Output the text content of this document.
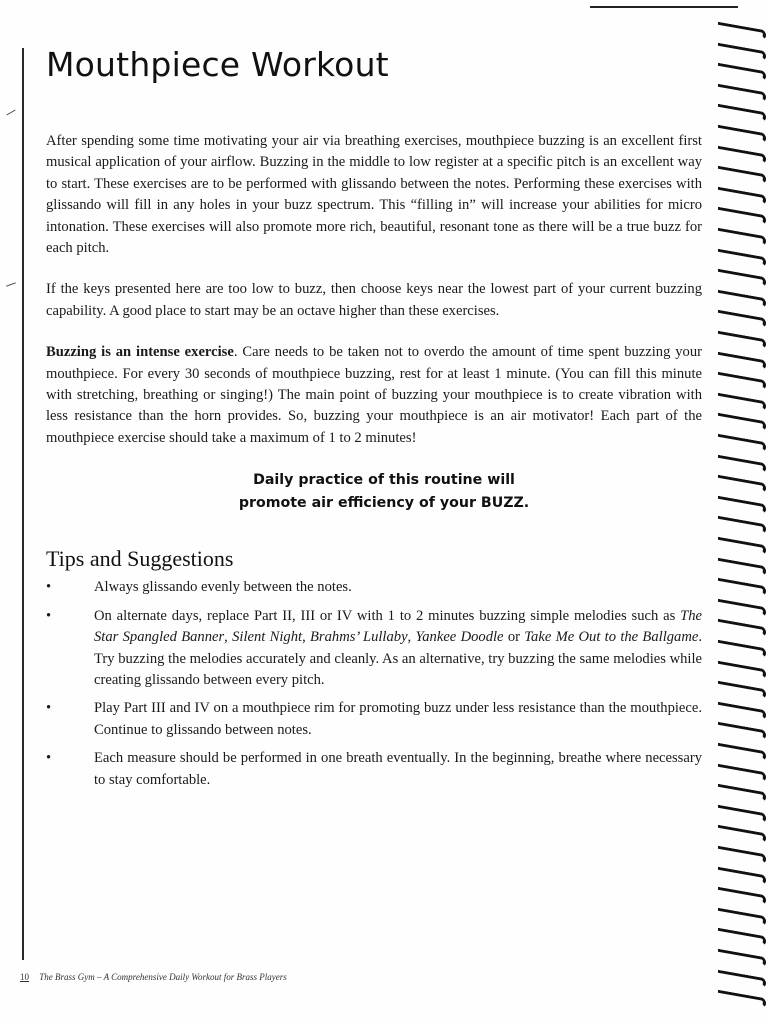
Mouthpiece Workout

After spending some time motivating your air via breathing exercises, mouthpiece buzzing is an excellent first musical application of your airflow. Buzzing in the middle to low register at a specific pitch is an excellent way to start. These exercises are to be performed with glissando between the notes. Performing these exercises with glissando will fill in any holes in your buzz spectrum. This “filling in” will increase your abilities for micro intonation. These exercises will also promote more rich, beautiful, resonant tone as there will be a true buzz for each pitch.

If the keys presented here are too low to buzz, then choose keys near the lowest part of your current buzzing capability. A good place to start may be an octave higher than these exercises.

Buzzing is an intense exercise. Care needs to be taken not to overdo the amount of time spent buzzing your mouthpiece. For every 30 seconds of mouthpiece buzzing, rest for at least 1 minute. (You can fill this minute with stretching, breathing or singing!) The main point of buzzing your mouthpiece is to create vibration with less resistance than the horn provides. So, buzzing your mouthpiece is an air motivator! Each part of the mouthpiece exercise should take a maximum of 1 to 2 minutes!

Daily practice of this routine will
promote air efficiency of your BUZZ.
Tips and Suggestions
•	Always glissando evenly between the notes.
•	On alternate days, replace Part II, III or IV with 1 to 2 minutes buzzing simple melodies such as The Star Spangled Banner, Silent Night, Brahms’ Lullaby, Yankee Doodle or Take Me Out to the Ballgame. Try buzzing the melodies accurately and cleanly. As an alternative, try buzzing the same melodies while creating glissando between every pitch.
•	Play Part III and IV on a mouthpiece rim for promoting buzz under less resistance than the mouthpiece. Continue to glissando between notes.
•	Each measure should be performed in one breath eventually. In the beginning, breathe where necessary to stay comfortable.
10 The Brass Gym – A Comprehensive Daily Workout for Brass Players
